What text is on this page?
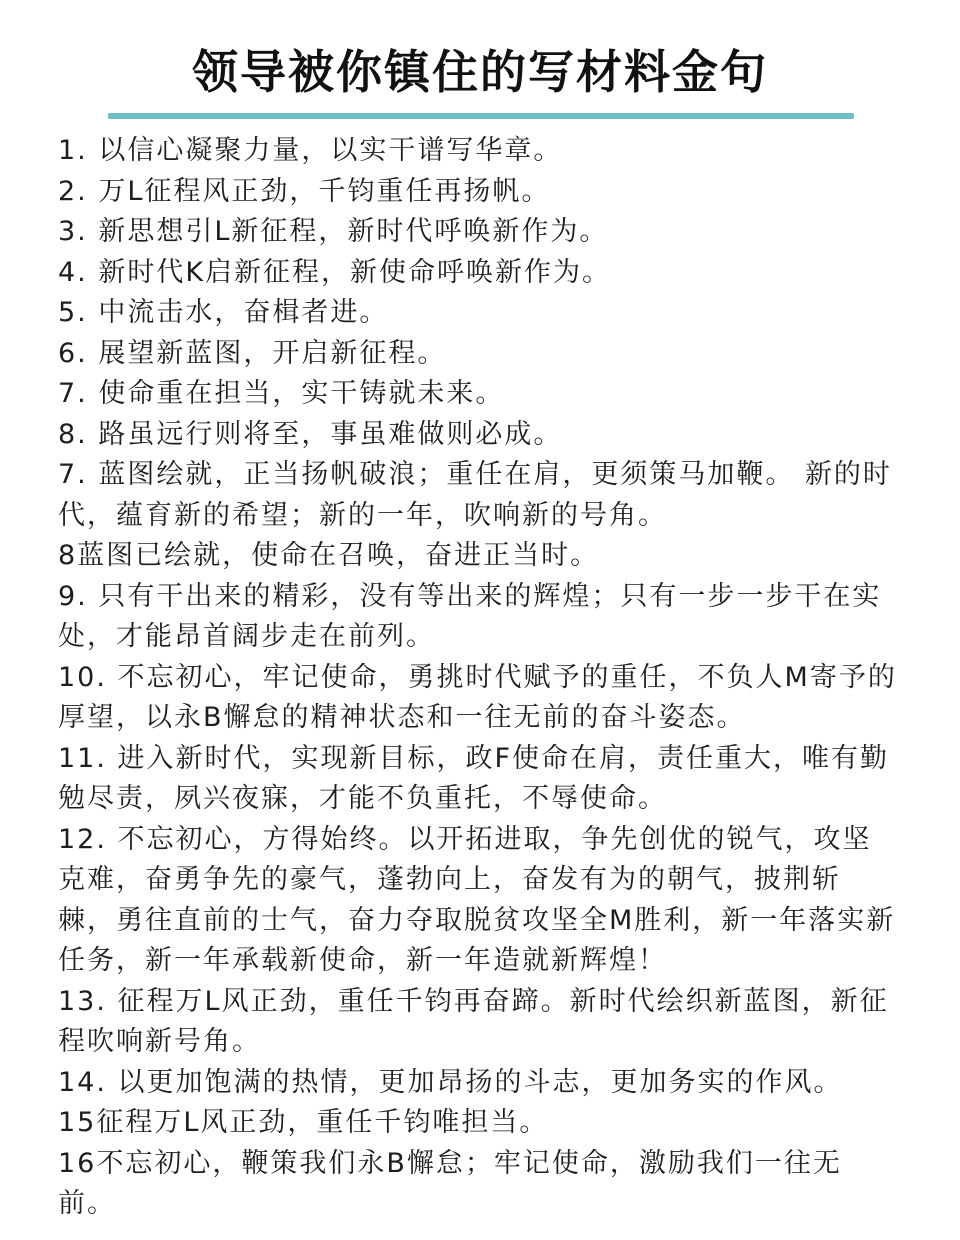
领导被你镇住的写材料金句
1. 以信心凝聚力量，以实干谱写华章。
2. 万L征程风正劲，千钧重任再扬帆。
3. 新思想引L新征程，新时代呼唤新作为。
4. 新时代K启新征程，新使命呼唤新作为。
5. 中流击水，奋楫者进。
6. 展望新蓝图，开启新征程。
7. 使命重在担当，实干铸就未来。
8. 路虽远行则将至，事虽难做则必成。
7. 蓝图绘就，正当扬帆破浪；重任在肩，更须策马加鞭。 新的时代，蕴育新的希望；新的一年，吹响新的号角。
8蓝图已绘就，使命在召唤，奋进正当时。
9. 只有干出来的精彩，没有等出来的辉煌；只有一步一步干在实处，才能昂首阔步走在前列。
10. 不忘初心，牢记使命，勇挑时代赋予的重任，不负人M寄予的厚望，以永B懈怠的精神状态和一往无前的奋斗姿态。
11. 进入新时代，实现新目标，政F使命在肩，责任重大，唯有勤勉尽责，夙兴夜寐，才能不负重托，不辱使命。
12. 不忘初心，方得始终。以开拓进取，争先创优的锐气，攻坚克难，奋勇争先的豪气，蓬勃向上，奋发有为的朝气，披荆斩棘，勇往直前的士气，奋力夺取脱贫攻坚全M胜利，新一年落实新任务，新一年承载新使命，新一年造就新辉煌！
13. 征程万L风正劲，重任千钧再奋蹄。新时代绘织新蓝图，新征程吹响新号角。
14. 以更加饱满的热情，更加昂扬的斗志，更加务实的作风。
15征程万L风正劲，重任千钧唯担当。
16不忘初心，鞭策我们永B懈怠；牢记使命，激励我们一往无前。
